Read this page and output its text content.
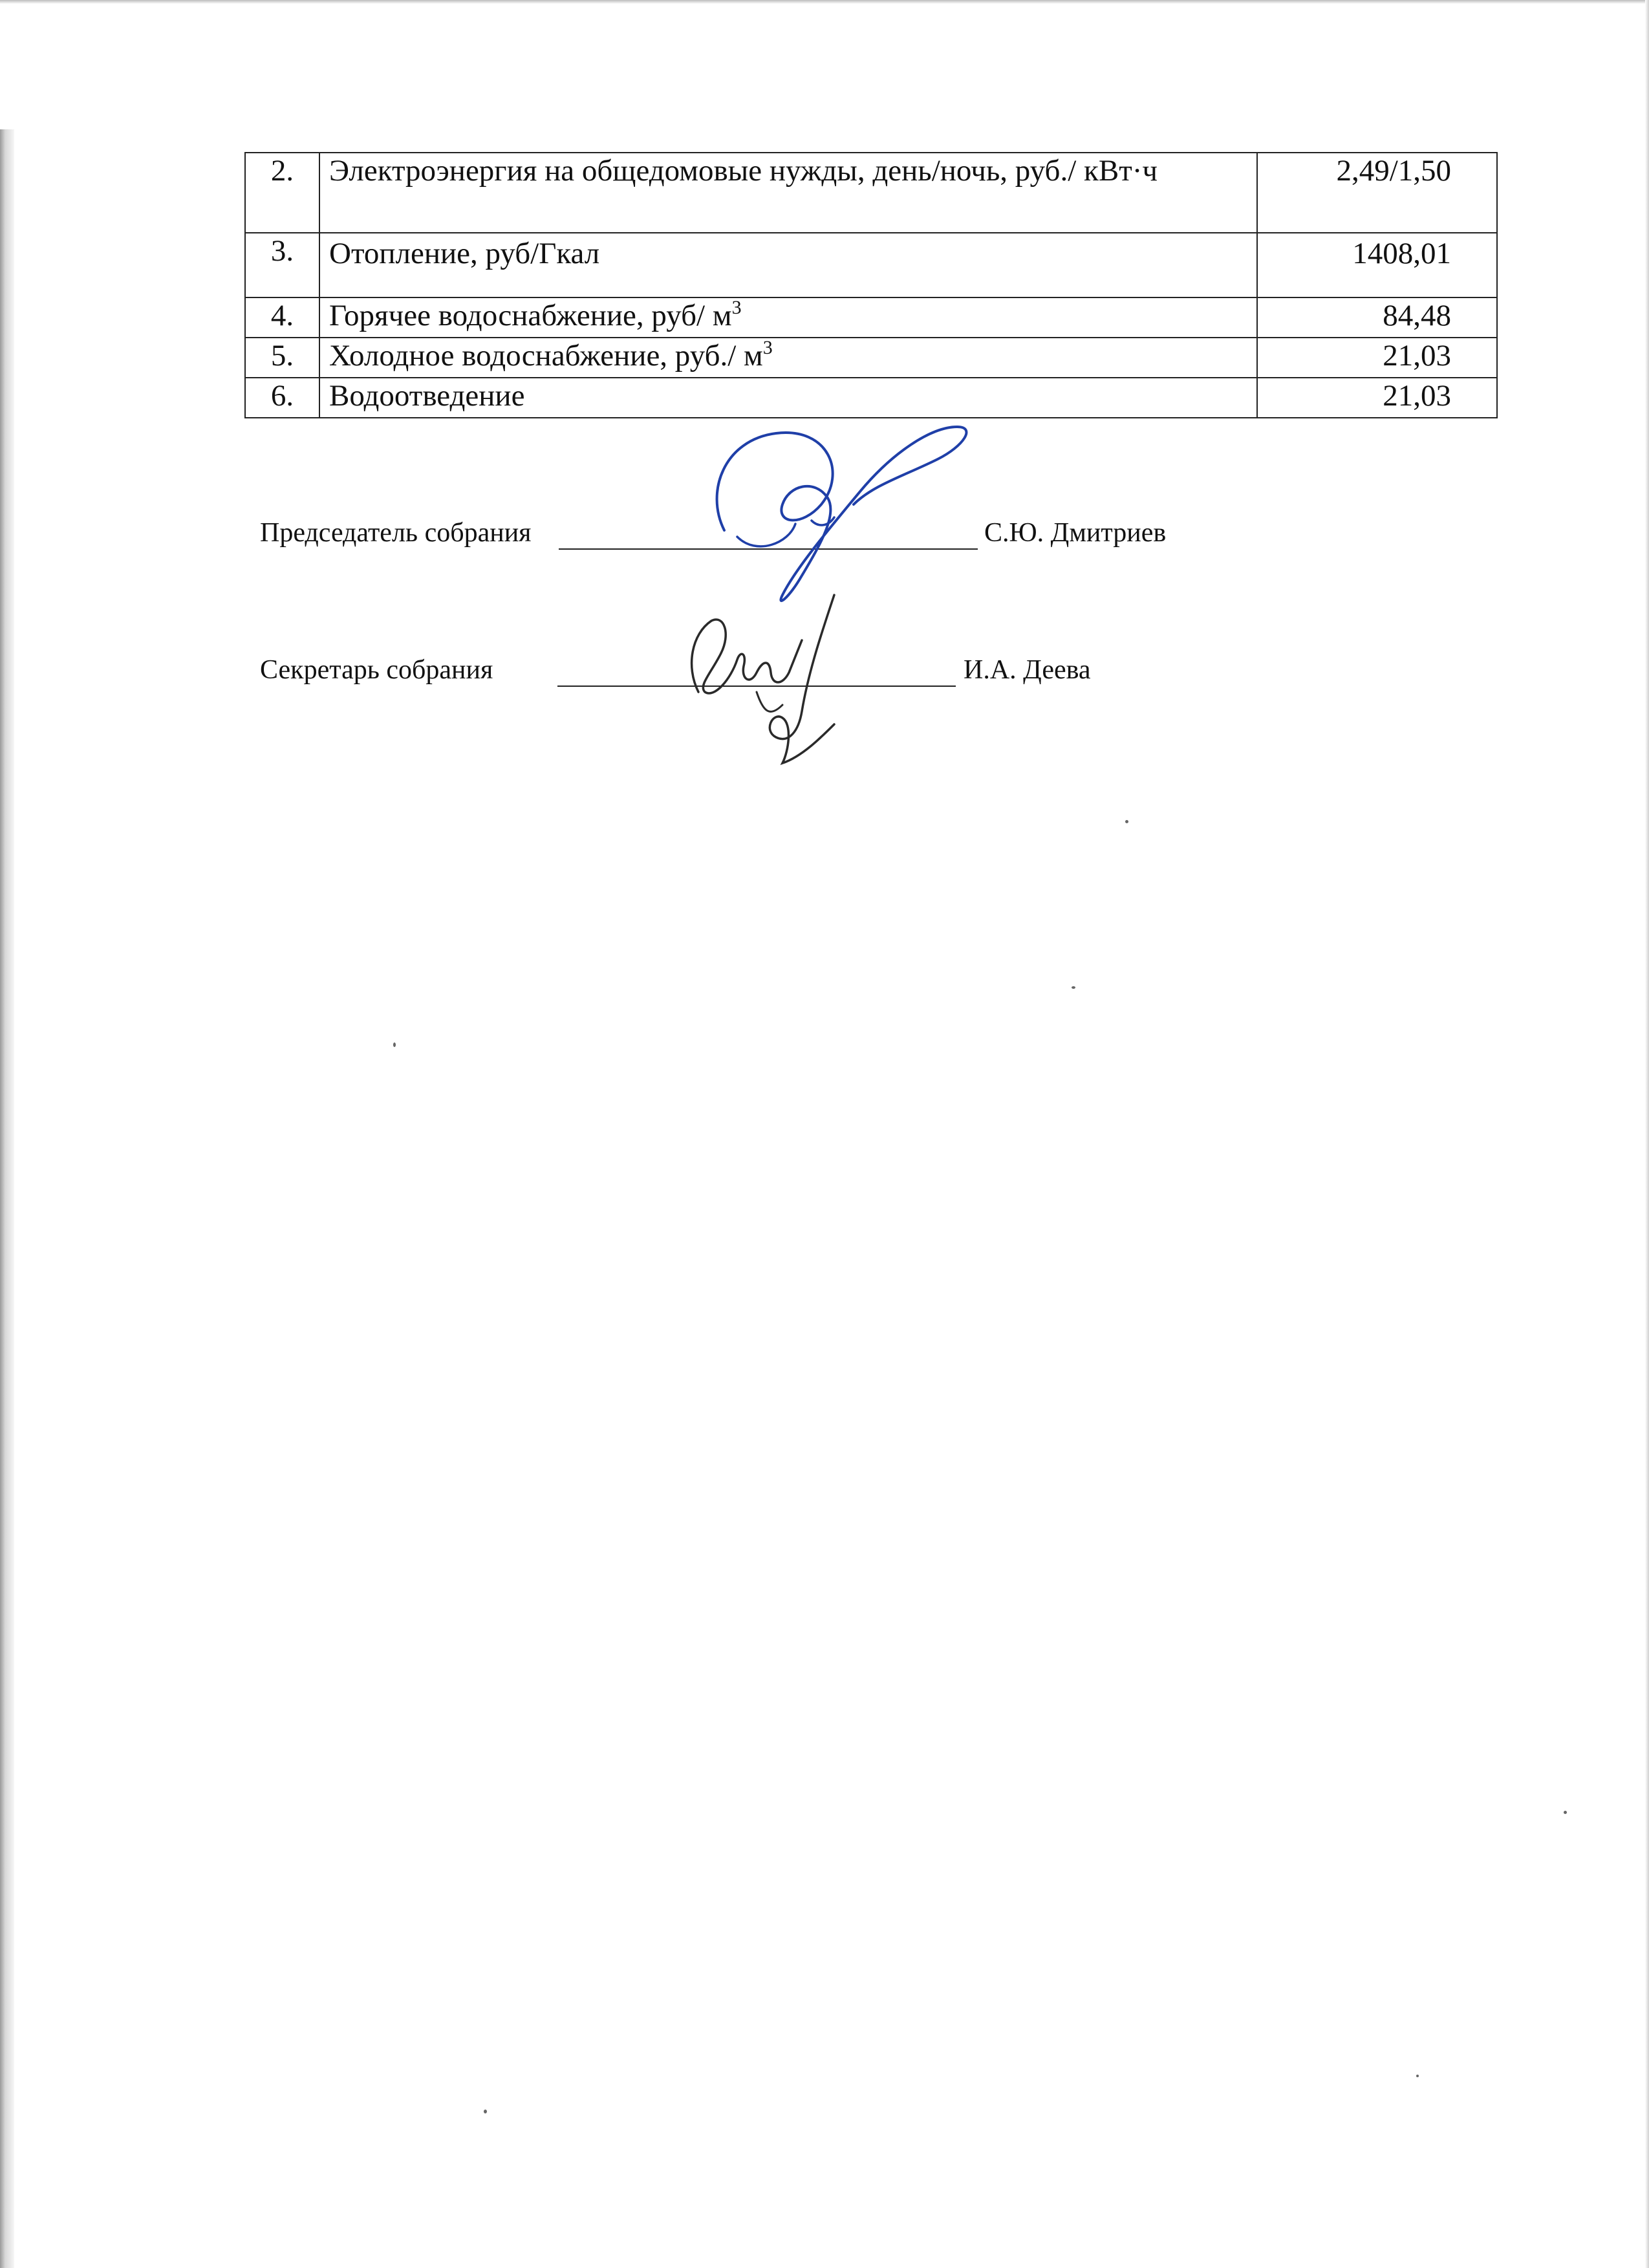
2.	Электроэнергия на общедомовые нужды, день/ночь, руб./ кВт·ч	2,49/1,50
3.	Отопление, руб/Гкал	1408,01
4.	Горячее водоснабжение, руб/ $м^3$	84,48
5.	Холодное водоснабжение, руб./ $м^3$	21,03
6.	Водоотведение	21,03
Председатель собрания	С.Ю. Дмитриев
Секретарь собрания	И.А. Деева
